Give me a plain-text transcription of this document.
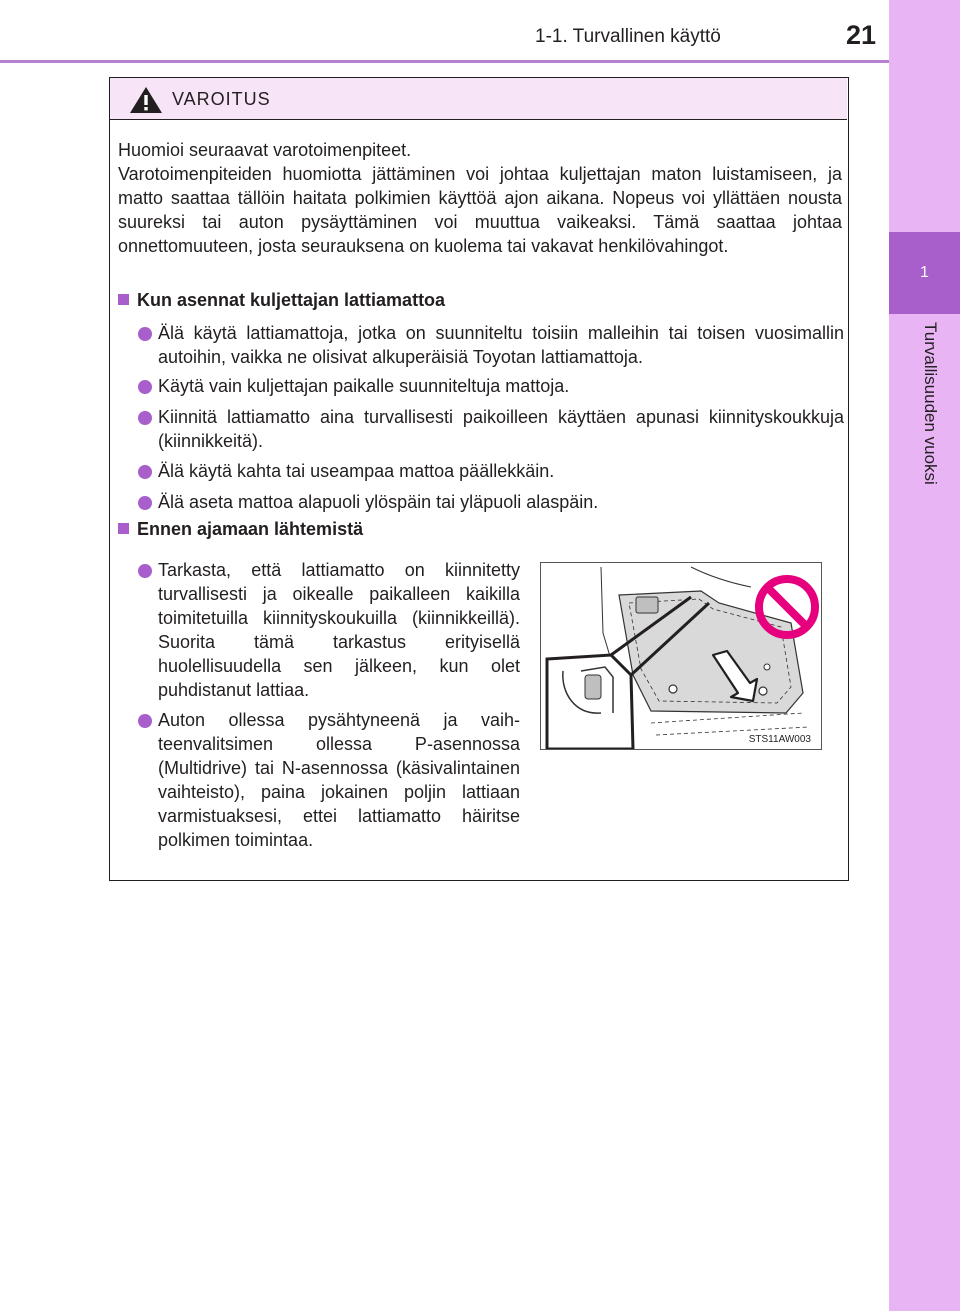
1-1. Turvallinen käyttö	21
1
Turvallisuuden vuoksi
VAROITUS

Huomioi seuraavat varotoimenpiteet.

Varotoimenpiteiden huomiotta jättäminen voi johtaa kuljettajan maton luistamiseen, ja matto saattaa tällöin haitata polkimien käyttöä ajon aikana. Nopeus voi yllättäen nousta suureksi tai auton pysäyttäminen voi muuttua vaikeaksi. Tämä saattaa johtaa onnettomuuteen, josta seurauksena on kuolema tai vakavat henkilövahingot.

Kun asennat kuljettajan lattiamattoa
Älä käytä lattiamattoja, jotka on suunniteltu toisiin malleihin tai toisen vuosimallin autoihin, vaikka ne olisivat alkuperäisiä Toyotan lattiamattoja.
Käytä vain kuljettajan paikalle suunniteltuja mattoja.
Kiinnitä lattiamatto aina turvallisesti paikoilleen käyttäen apunasi kiinnityskoukkuja (kiinnikkeitä).
Älä käytä kahta tai useampaa mattoa päällekkäin.
Älä aseta mattoa alapuoli ylöspäin tai yläpuoli alaspäin.
Ennen ajamaan lähtemistä
Tarkasta, että lattiamatto on kiinnitetty turvallisesti ja oikealle paikalleen kaikilla toimitetuilla kiinnityskoukuilla (kiinnikkeillä). Suorita tämä tarkastus erityisellä huolellisuudella sen jälkeen, kun olet puhdistanut lattiaa.
Auton ollessa pysähtyneenä ja vaihteenvalitsimen ollessa P-asennossa (Multidrive) tai N-asennossa (käsivalintainen vaihteisto), paina jokainen poljin lattiaan varmistuaksesi, ettei lattiamatto häiritse polkimen toimintaa.
STS11AW003
